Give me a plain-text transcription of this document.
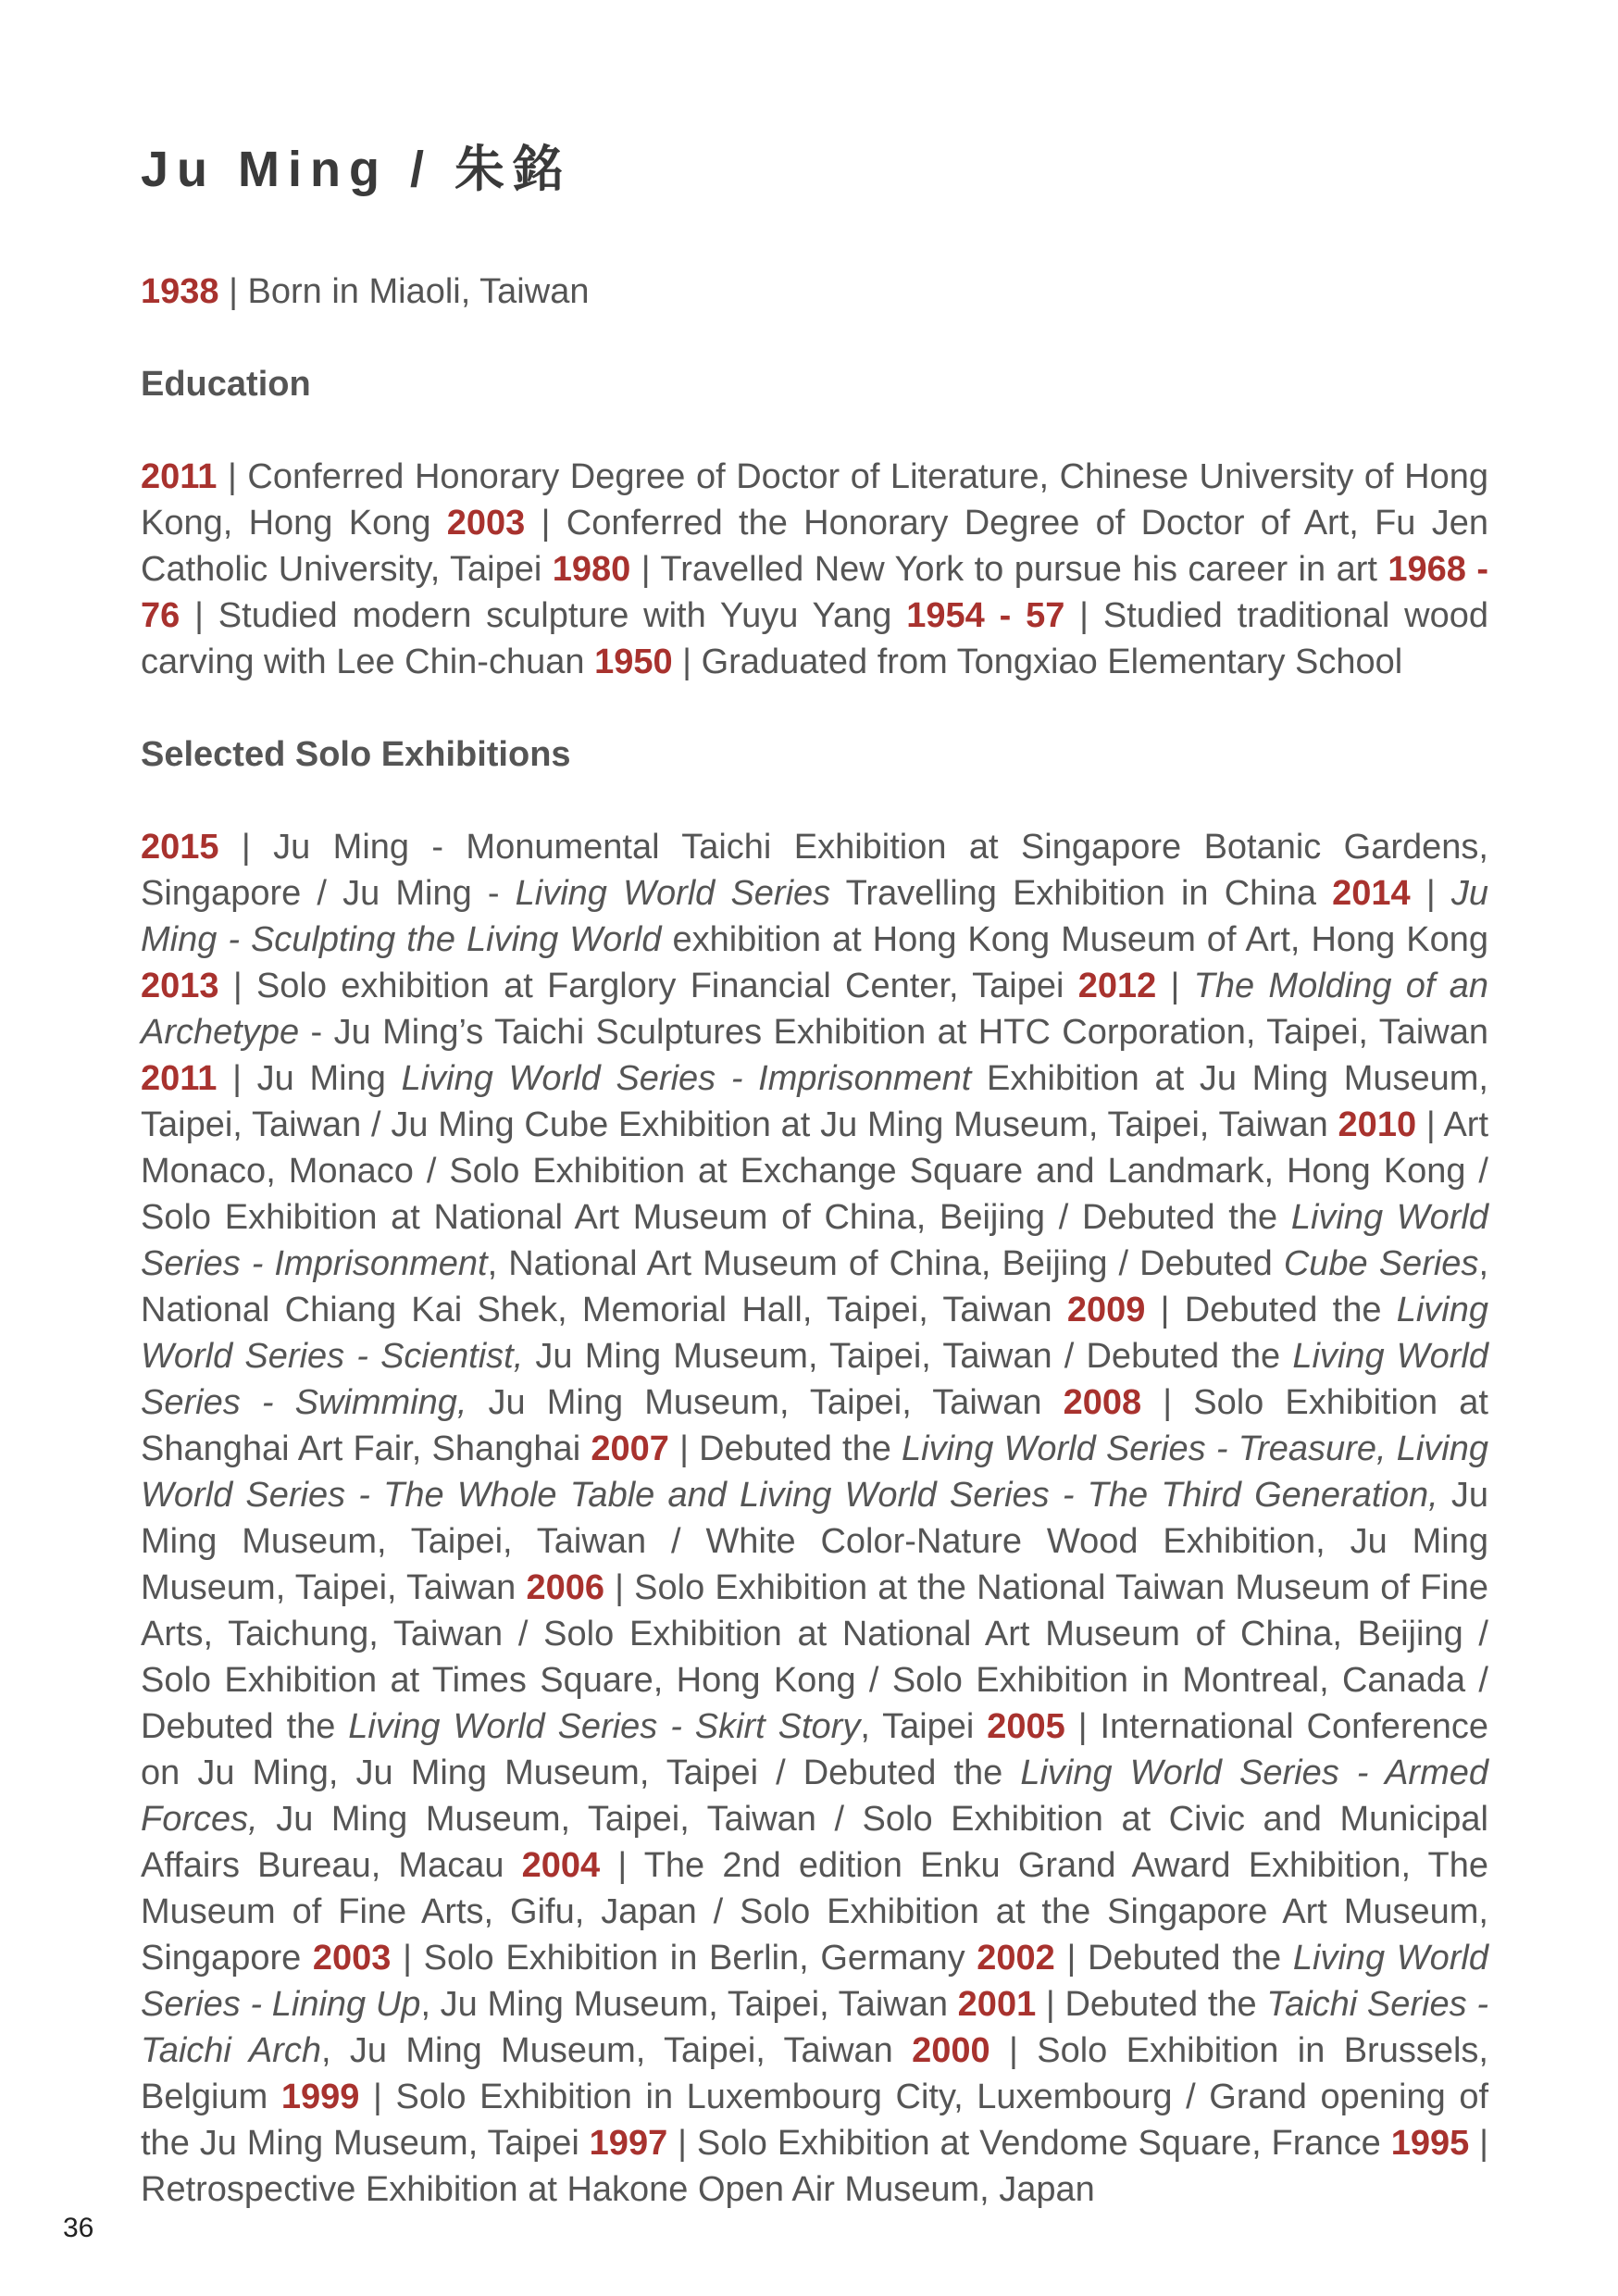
Ju Ming / 朱銘

1938 | Born in Miaoli, Taiwan

Education

2011 | Conferred Honorary Degree of Doctor of Literature, Chinese University of Hong Kong, Hong Kong 2003 | Conferred the Honorary Degree of Doctor of Art, Fu Jen Catholic University, Taipei 1980 | Travelled New York to pursue his career in art 1968 - 76 | Studied modern sculpture with Yuyu Yang 1954 - 57 | Studied traditional wood carving with Lee Chin-chuan 1950 | Graduated from Tongxiao Elementary School

Selected Solo Exhibitions

2015 | Ju Ming - Monumental Taichi Exhibition at Singapore Botanic Gardens, Singapore / Ju Ming - Living World Series Travelling Exhibition in China 2014 | Ju Ming - Sculpting the Living World exhibition at Hong Kong Museum of Art, Hong Kong 2013 | Solo exhibition at Farglory Financial Center, Taipei 2012 | The Molding of an Archetype - Ju Ming’s Taichi Sculptures Exhibition at HTC Corporation, Taipei, Taiwan 2011 | Ju Ming Living World Series - Imprisonment Exhibition at Ju Ming Museum, Taipei, Taiwan / Ju Ming Cube Exhibition at Ju Ming Museum, Taipei, Taiwan 2010 | Art Monaco, Monaco / Solo Exhibition at Exchange Square and Landmark, Hong Kong / Solo Exhibition at National Art Museum of China, Beijing / Debuted the Living World Series - Imprisonment, National Art Museum of China, Beijing / Debuted Cube Series, National Chiang Kai Shek, Memorial Hall, Taipei, Taiwan 2009 | Debuted the Living World Series - Scientist, Ju Ming Museum, Taipei, Taiwan / Debuted the Living World Series - Swimming, Ju Ming Museum, Taipei, Taiwan 2008 | Solo Exhibition at Shanghai Art Fair, Shanghai 2007 | Debuted the Living World Series - Treasure, Living World Series - The Whole Table and Living World Series - The Third Generation, Ju Ming Museum, Taipei, Taiwan / White Color-Nature Wood Exhibition, Ju Ming Museum, Taipei, Taiwan 2006 | Solo Exhibition at the National Taiwan Museum of Fine Arts, Taichung, Taiwan / Solo Exhibition at National Art Museum of China, Beijing / Solo Exhibition at Times Square, Hong Kong / Solo Exhibition in Montreal, Canada / Debuted the Living World Series - Skirt Story, Taipei 2005 | International Conference on Ju Ming, Ju Ming Museum, Taipei / Debuted the Living World Series - Armed Forces, Ju Ming Museum, Taipei, Taiwan / Solo Exhibition at Civic and Municipal Affairs Bureau, Macau 2004 | The 2nd edition Enku Grand Award Exhibition, The Museum of Fine Arts, Gifu, Japan / Solo Exhibition at the Singapore Art Museum, Singapore 2003 | Solo Exhibition in Berlin, Germany 2002 | Debuted the Living World Series - Lining Up, Ju Ming Museum, Taipei, Taiwan 2001 | Debuted the Taichi Series - Taichi Arch, Ju Ming Museum, Taipei, Taiwan 2000 | Solo Exhibition in Brussels, Belgium 1999 | Solo Exhibition in Luxembourg City, Luxembourg / Grand opening of the Ju Ming Museum, Taipei 1997 | Solo Exhibition at Vendome Square, France 1995 | Retrospective Exhibition at Hakone Open Air Museum, Japan

36
